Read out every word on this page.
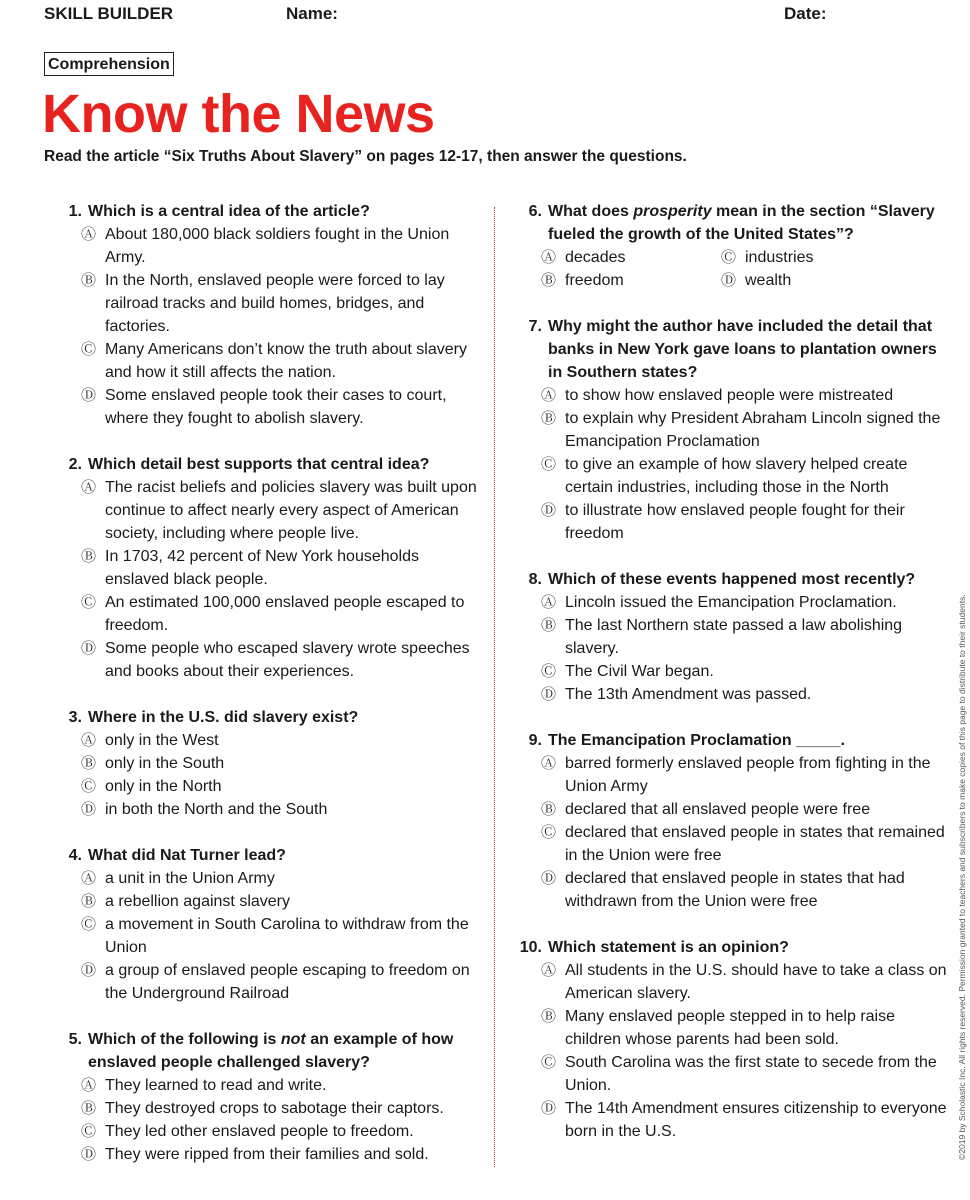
SKILL BUILDER	Name:	Date:
Comprehension
Know the News
Read the article “Six Truths About Slavery” on pages 12-17, then answer the questions.
1. Which is a central idea of the article?
Ⓐ About 180,000 black soldiers fought in the Union Army.
Ⓑ In the North, enslaved people were forced to lay railroad tracks and build homes, bridges, and factories.
Ⓒ Many Americans don’t know the truth about slavery and how it still affects the nation.
Ⓓ Some enslaved people took their cases to court, where they fought to abolish slavery.
2. Which detail best supports that central idea?
Ⓐ The racist beliefs and policies slavery was built upon continue to affect nearly every aspect of American society, including where people live.
Ⓑ In 1703, 42 percent of New York households enslaved black people.
Ⓒ An estimated 100,000 enslaved people escaped to freedom.
Ⓓ Some people who escaped slavery wrote speeches and books about their experiences.
3. Where in the U.S. did slavery exist?
Ⓐ only in the West
Ⓑ only in the South
Ⓒ only in the North
Ⓓ in both the North and the South
4. What did Nat Turner lead?
Ⓐ a unit in the Union Army
Ⓑ a rebellion against slavery
Ⓒ a movement in South Carolina to withdraw from the Union
Ⓓ a group of enslaved people escaping to freedom on the Underground Railroad
5. Which of the following is not an example of how enslaved people challenged slavery?
Ⓐ They learned to read and write.
Ⓑ They destroyed crops to sabotage their captors.
Ⓒ They led other enslaved people to freedom.
Ⓓ They were ripped from their families and sold.
6. What does prosperity mean in the section “Slavery fueled the growth of the United States”?
Ⓐ decades	Ⓒ industries
Ⓑ freedom	Ⓓ wealth
7. Why might the author have included the detail that banks in New York gave loans to plantation owners in Southern states?
Ⓐ to show how enslaved people were mistreated
Ⓑ to explain why President Abraham Lincoln signed the Emancipation Proclamation
Ⓒ to give an example of how slavery helped create certain industries, including those in the North
Ⓓ to illustrate how enslaved people fought for their freedom
8. Which of these events happened most recently?
Ⓐ Lincoln issued the Emancipation Proclamation.
Ⓑ The last Northern state passed a law abolishing slavery.
Ⓒ The Civil War began.
Ⓓ The 13th Amendment was passed.
9. The Emancipation Proclamation _____.
Ⓐ barred formerly enslaved people from fighting in the Union Army
Ⓑ declared that all enslaved people were free
Ⓒ declared that enslaved people in states that remained in the Union were free
Ⓓ declared that enslaved people in states that had withdrawn from the Union were free
10. Which statement is an opinion?
Ⓐ All students in the U.S. should have to take a class on American slavery.
Ⓑ Many enslaved people stepped in to help raise children whose parents had been sold.
Ⓒ South Carolina was the first state to secede from the Union.
Ⓓ The 14th Amendment ensures citizenship to everyone born in the U.S.	©2019 by Scholastic Inc. All rights reserved. Permission granted to teachers and subscribers to make copies of this page to distribute to their students.
